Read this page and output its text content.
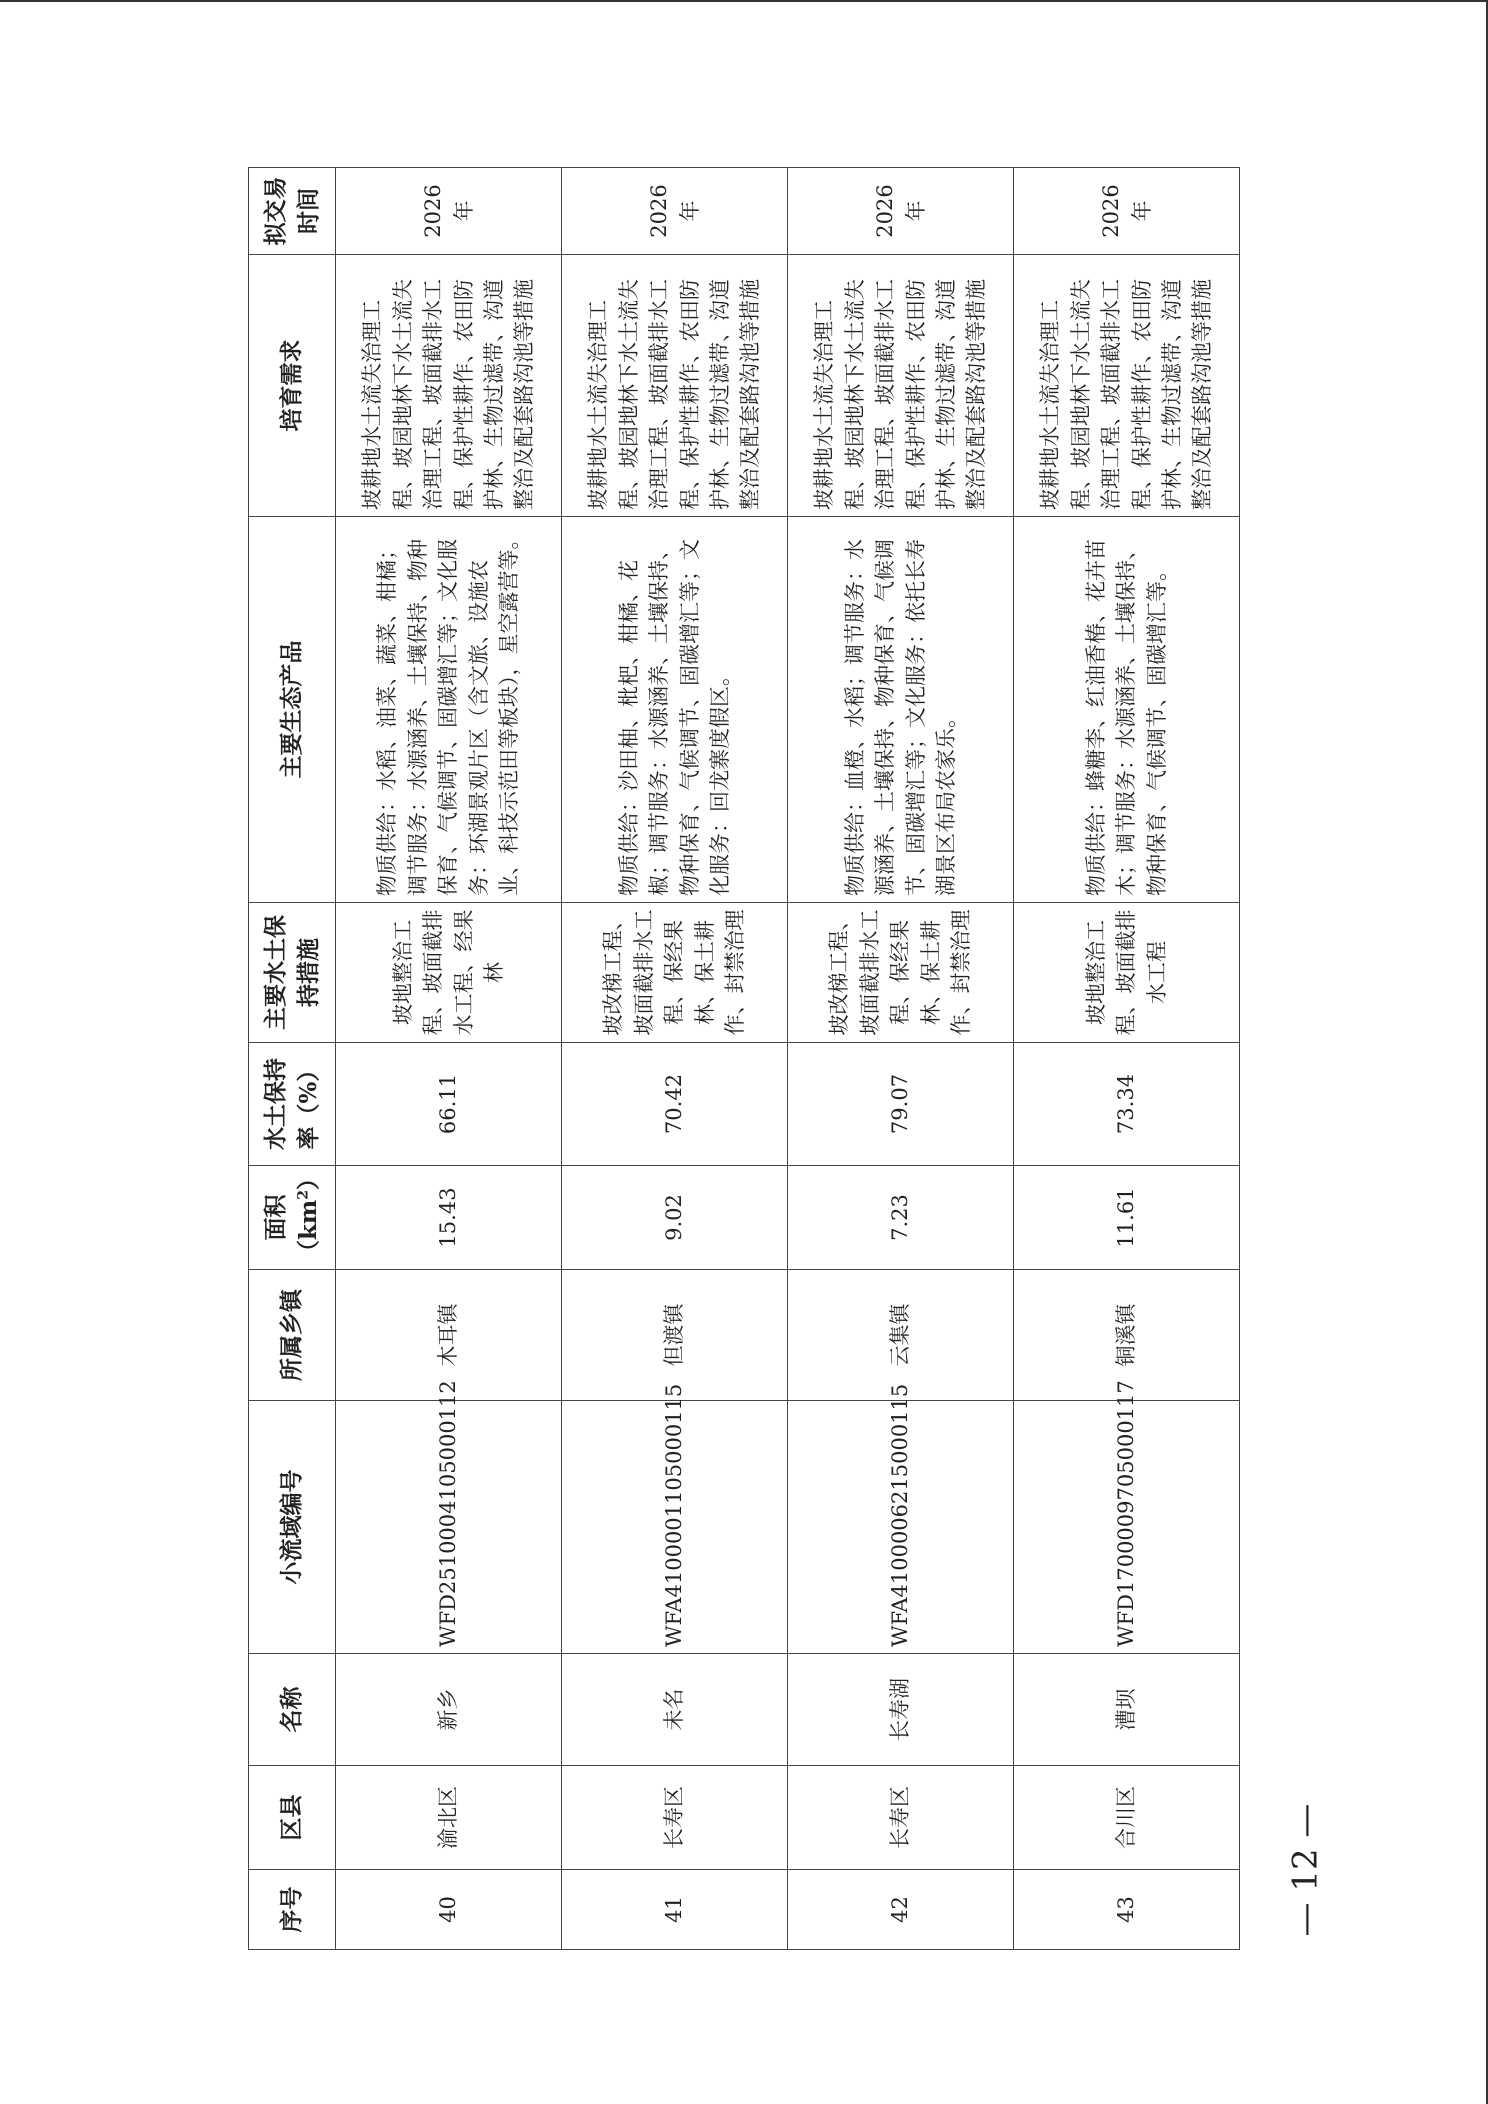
序号	区县	名称	小流域编号	所属乡镇	面积 $(km^2)$	水土保持率（%）	主要水土保持措施	主要生态产品	培育需求	拟交易时间
40	渝北区	新乡	WFD2510004105000112	木耳镇	15.43	66.11	坡地整治工程、坡面截排水工程、经果林	物质供给：水稻、油菜、蔬菜、柑橘；调节服务：水源涵养、土壤保持、物种保育、气候调节、固碳增汇等；文化服务：环湖景观片区（含文旅、设施农业、科技示范田等板块），星空露营等。	坡耕地水土流失治理工程、坡园地林下水土流失治理工程、坡面截排水工程、保护性耕作、农田防护林、生物过滤带、沟道整治及配套路沟池等措施	2026年
41	长寿区	未名	WFA4100001105000115	但渡镇	9.02	70.42	坡改梯工程、坡面截排水工程、保经果林、保土耕作、封禁治理	物质供给：沙田柚、枇杷、柑橘、花椒；调节服务：水源涵养、土壤保持、物种保育、气候调节、固碳增汇等；文化服务：回龙寨度假区。	坡耕地水土流失治理工程、坡园地林下水土流失治理工程、坡面截排水工程、保护性耕作、农田防护林、生物过滤带、沟道整治及配套路沟池等措施	2026年
42	长寿区	长寿湖	WFA4100006215000115	云集镇	7.23	79.07	坡改梯工程、坡面截排水工程、保经果林、保土耕作、封禁治理	物质供给：血橙、水稻；调节服务：水源涵养、土壤保持、物种保育、气候调节、固碳增汇等；文化服务：依托长寿湖景区布局农家乐。	坡耕地水土流失治理工程、坡园地林下水土流失治理工程、坡面截排水工程、保护性耕作、农田防护林、生物过滤带、沟道整治及配套路沟池等措施	2026年
43	合川区	漕坝	WFD1700009705000117	铜溪镇	11.61	73.34	坡地整治工程、坡面截排水工程	物质供给：蜂糖李、红油香椿、花卉苗木；调节服务：水源涵养、土壤保持、物种保育、气候调节、固碳增汇等。	坡耕地水土流失治理工程、坡园地林下水土流失治理工程、坡面截排水工程、保护性耕作、农田防护林、生物过滤带、沟道整治及配套路沟池等措施	2026年
— 12 —
